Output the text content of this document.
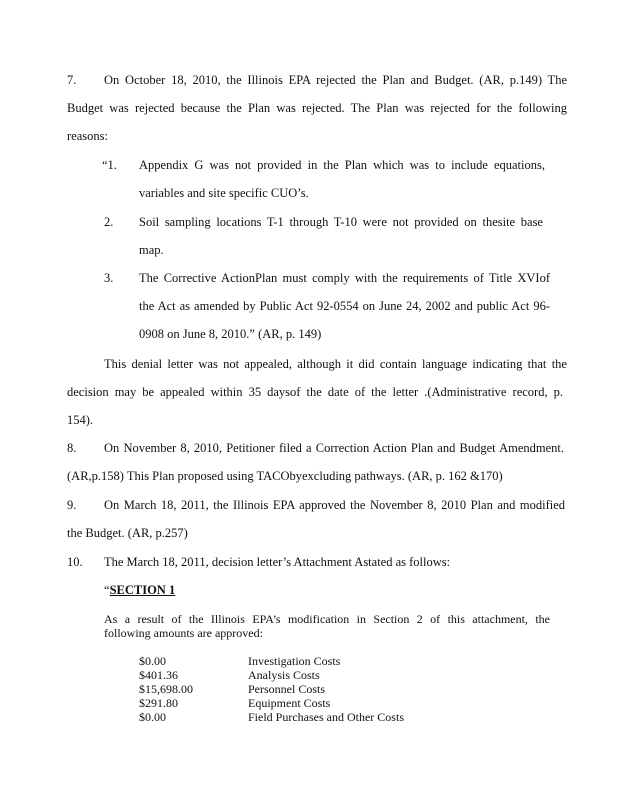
7. On October 18, 2010, the Illinois EPA rejected the Plan and Budget. (AR, p.149) The
Budget was rejected because the Plan was rejected. The Plan was rejected for the following
reasons:
“1. Appendix G was not provided in the Plan which was to include equations,
variables and site specific CUO’s.
2. Soil sampling locations T-1 through T-10 were not provided on thesite base
map.
3. The Corrective ActionPlan must comply with the requirements of Title XVIof
the Act as amended by Public Act 92-0554 on June 24, 2002 and public Act 96-
0908 on June 8, 2010.” (AR, p. 149)
This denial letter was not appealed, although it did contain language indicating that the
decision may be appealed within 35 daysof the date of the letter .(Administrative record, p.
154).
8. On November 8, 2010, Petitioner filed a Correction Action Plan and Budget Amendment.
(AR,p.158) This Plan proposed using TACObyexcluding pathways. (AR, p. 162 &170)
9. On March 18, 2011, the Illinois EPA approved the November 8, 2010 Plan and modified
the Budget. (AR, p.257)
10. The March 18, 2011, decision letter’s Attachment Astated as follows:
“SECTION 1
As a result of the Illinois EPA’s modification in Section 2 of this attachment, the
following amounts are approved:
$0.00	Investigation Costs
$401.36	Analysis Costs
$15,698.00	Personnel Costs
$291.80	Equipment Costs
$0.00	Field Purchases and Other Costs
